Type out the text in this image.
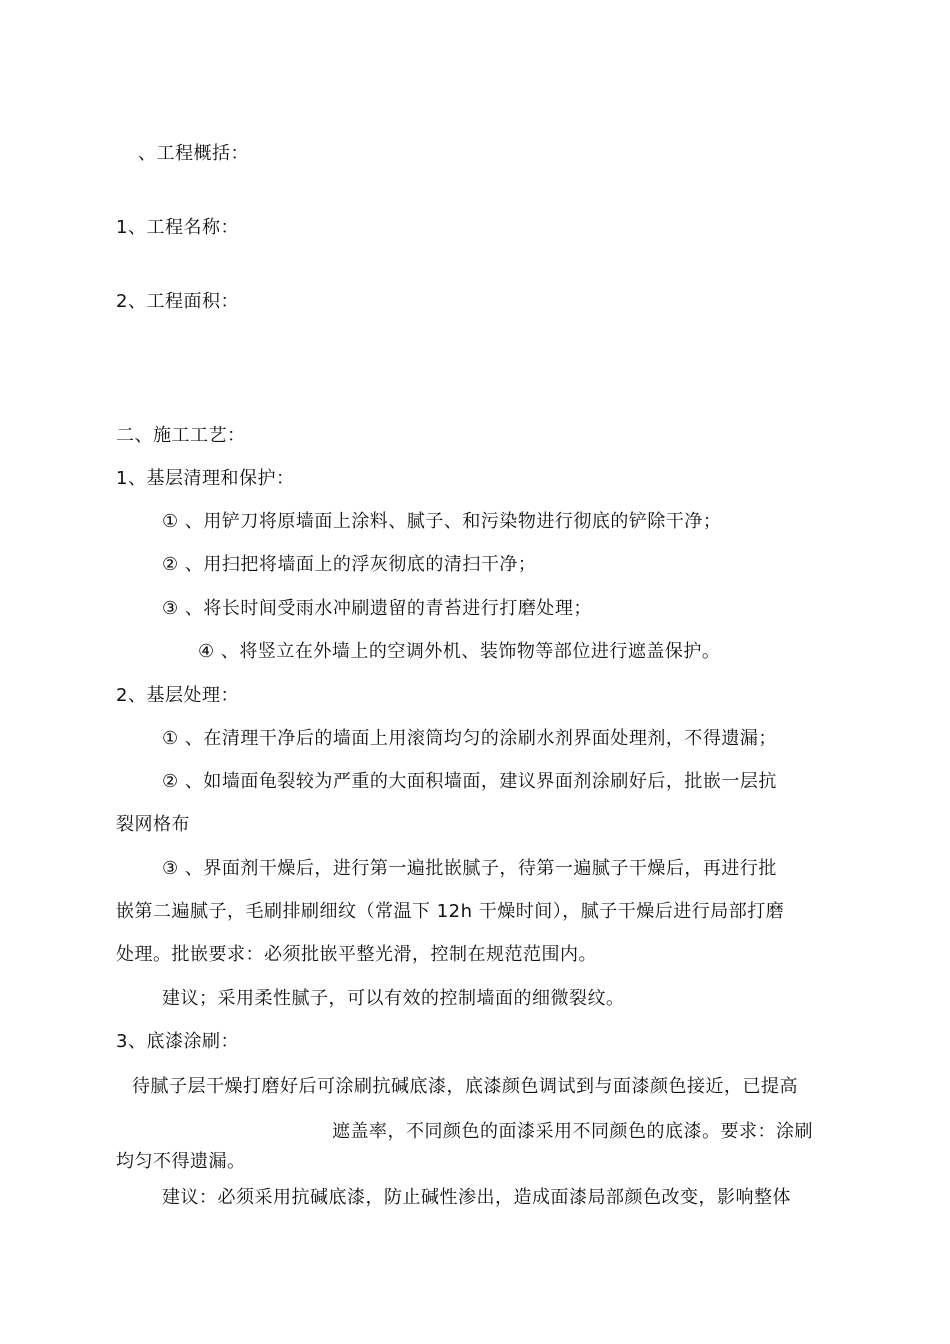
、工程概括：
1、工程名称：
2、工程面积：
二、施工工艺：
1、基层清理和保护：
① 、用铲刀将原墙面上涂料、腻子、和污染物进行彻底的铲除干净；
② 、用扫把将墙面上的浮灰彻底的清扫干净；
③ 、将长时间受雨水冲刷遗留的青苔进行打磨处理；
④ 、将竖立在外墙上的空调外机、装饰物等部位进行遮盖保护。
2、基层处理：
① 、在清理干净后的墙面上用滚筒均匀的涂刷水剂界面处理剂，不得遗漏；
② 、如墙面龟裂较为严重的大面积墙面，建议界面剂涂刷好后，批嵌一层抗
裂网格布
③ 、界面剂干燥后，进行第一遍批嵌腻子，待第一遍腻子干燥后，再进行批
嵌第二遍腻子，毛刷排刷细纹（常温下 12h 干燥时间），腻子干燥后进行局部打磨
处理。批嵌要求：必须批嵌平整光滑，控制在规范范围内。
建议；采用柔性腻子，可以有效的控制墙面的细微裂纹。
3、底漆涂刷：
待腻子层干燥打磨好后可涂刷抗碱底漆，底漆颜色调试到与面漆颜色接近，已提高
遮盖率，不同颜色的面漆采用不同颜色的底漆。要求：涂刷
均匀不得遗漏。
建议：必须采用抗碱底漆，防止碱性渗出，造成面漆局部颜色改变，影响整体
